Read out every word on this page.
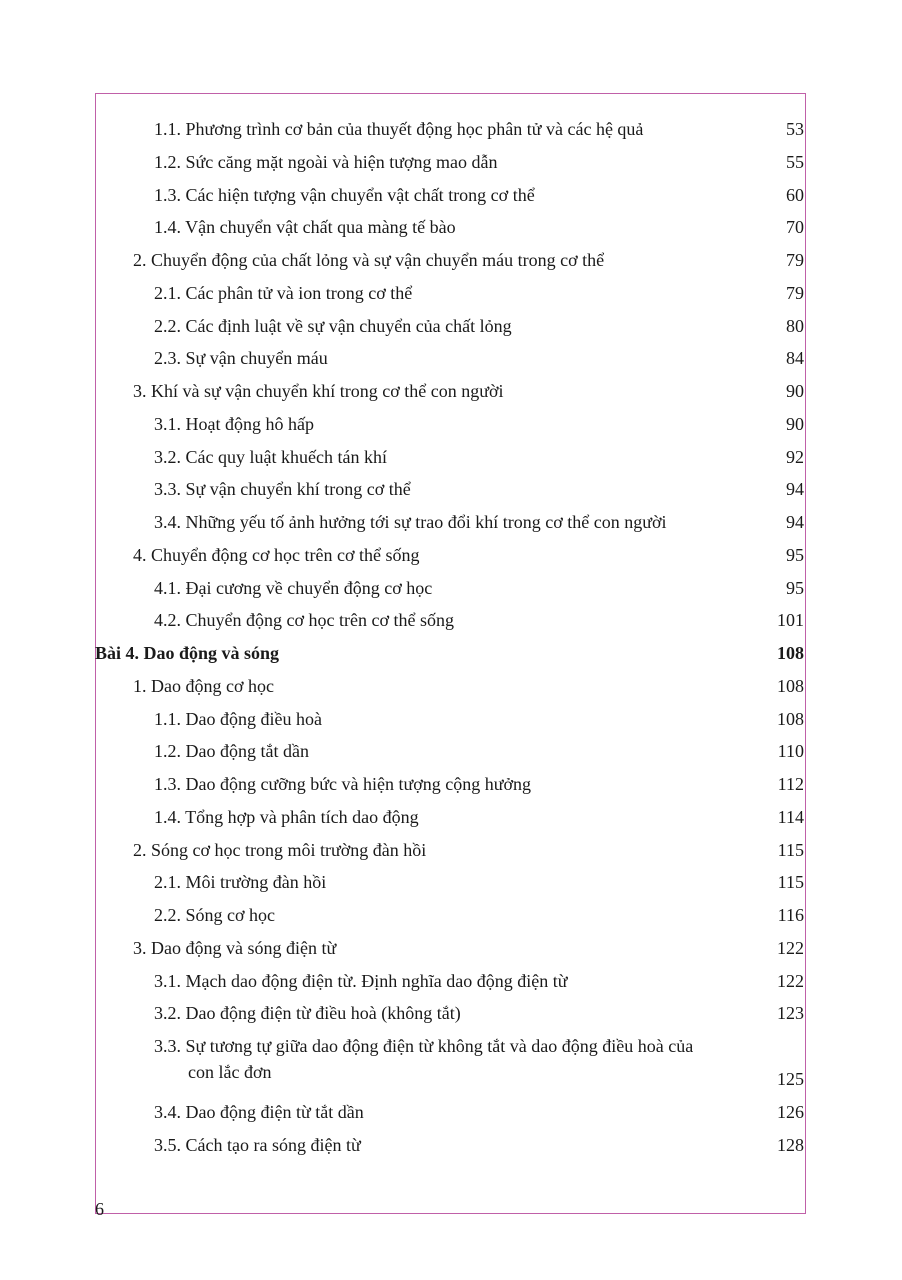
1.1. Phương trình cơ bản của thuyết động học phân tử và các hệ quả	53
1.2. Sức căng mặt ngoài và hiện tượng mao dẫn	55
1.3. Các hiện tượng vận chuyển vật chất trong cơ thể	60
1.4. Vận chuyển vật chất qua màng tế bào	70
2. Chuyển động của chất lỏng và sự vận chuyển máu trong cơ thể	79
2.1. Các phân tử và ion trong cơ thể	79
2.2. Các định luật về sự vận chuyển của chất lỏng	80
2.3. Sự vận chuyển máu	84
3. Khí và sự vận chuyển khí trong cơ thể con người	90
3.1. Hoạt động hô hấp	90
3.2. Các quy luật khuếch tán khí	92
3.3. Sự vận chuyển khí trong cơ thể	94
3.4. Những yếu tố ảnh hưởng tới sự trao đổi khí trong cơ thể con người	94
4. Chuyển động cơ học trên cơ thể sống	95
4.1. Đại cương về chuyển động cơ học	95
4.2. Chuyển động cơ học trên cơ thể sống	101
Bài 4. Dao động và sóng	108
1. Dao động cơ học	108
1.1. Dao động điều hoà	108
1.2. Dao động tắt dần	110
1.3. Dao động cưỡng bức và hiện tượng cộng hưởng	112
1.4. Tổng hợp và phân tích dao động	114
2. Sóng cơ học trong môi trường đàn hồi	115
2.1. Môi trường đàn hồi	115
2.2. Sóng cơ học	116
3. Dao động và sóng điện từ	122
3.1. Mạch dao động điện từ. Định nghĩa dao động điện từ	122
3.2. Dao động điện từ điều hoà (không tắt)	123
3.3. Sự tương tự giữa dao động điện từ không tắt và dao động điều hoà của
con lắc đơn	125
3.4. Dao động điện từ tắt dần	126
3.5. Cách tạo ra sóng điện từ	128
6
